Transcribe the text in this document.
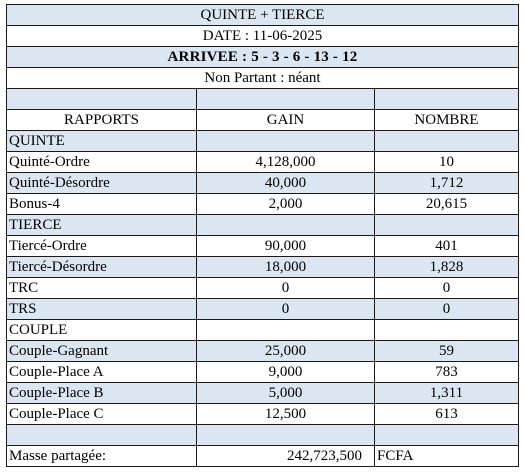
QUINTE + TIERCE		
DATE : 11-06-2025		
ARRIVEE : 5 - 3 - 6 - 13 - 12		
Non Partant : néant		

RAPPORTS	GAIN	NOMBRE
QUINTE		
Quinté-Ordre	4,128,000	10
Quinté-Désordre	40,000	1,712
Bonus-4	2,000	20,615
TIERCE		
Tiercé-Ordre	90,000	401
Tiercé-Désordre	18,000	1,828
TRC	0	0
TRS	0	0
COUPLE		
Couple-Gagnant	25,000	59
Couple-Place A	9,000	783
Couple-Place B	5,000	1,311
Couple-Place C	12,500	613

Masse partagée:	242,723,500	FCFA
